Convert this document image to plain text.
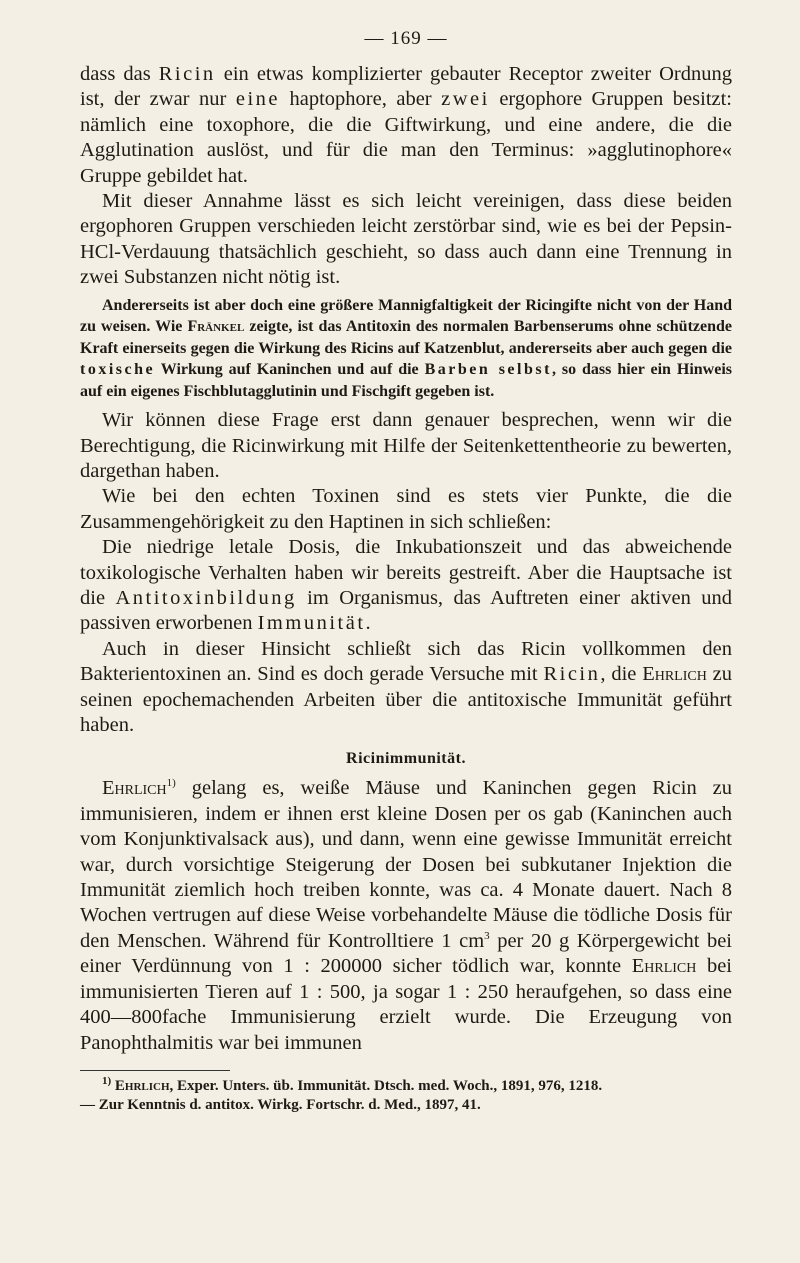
— 169 —

dass das Ricin ein etwas komplizierter gebauter Receptor zweiter Ordnung ist, der zwar nur eine haptophore, aber zwei ergophore Gruppen besitzt: nämlich eine toxophore, die die Giftwirkung, und eine andere, die die Agglutination auslöst, und für die man den Terminus: »agglutinophore« Gruppe gebildet hat.

Mit dieser Annahme lässt es sich leicht vereinigen, dass diese beiden ergophoren Gruppen verschieden leicht zerstörbar sind, wie es bei der Pepsin-HCl-Verdauung thatsächlich geschieht, so dass auch dann eine Trennung in zwei Substanzen nicht nötig ist.

Andererseits ist aber doch eine größere Mannigfaltigkeit der Ricingifte nicht von der Hand zu weisen. Wie Fränkel zeigte, ist das Antitoxin des normalen Barbenserums ohne schützende Kraft einerseits gegen die Wirkung des Ricins auf Katzenblut, andererseits aber auch gegen die toxische Wirkung auf Kaninchen und auf die Barben selbst, so dass hier ein Hinweis auf ein eigenes Fischblutagglutinin und Fischgift gegeben ist.

Wir können diese Frage erst dann genauer besprechen, wenn wir die Berechtigung, die Ricinwirkung mit Hilfe der Seitenkettentheorie zu bewerten, dargethan haben.

Wie bei den echten Toxinen sind es stets vier Punkte, die die Zusammengehörigkeit zu den Haptinen in sich schließen:

Die niedrige letale Dosis, die Inkubationszeit und das abweichende toxikologische Verhalten haben wir bereits gestreift. Aber die Hauptsache ist die Antitoxinbildung im Organismus, das Auftreten einer aktiven und passiven erworbenen Immunität.

Auch in dieser Hinsicht schließt sich das Ricin vollkommen den Bakterientoxinen an. Sind es doch gerade Versuche mit Ricin, die Ehrlich zu seinen epochemachenden Arbeiten über die antitoxische Immunität geführt haben.

Ricinimmunität.

Ehrlich$^{1)}$ gelang es, weiße Mäuse und Kaninchen gegen Ricin zu immunisieren, indem er ihnen erst kleine Dosen per os gab (Kaninchen auch vom Konjunktivalsack aus), und dann, wenn eine gewisse Immunität erreicht war, durch vorsichtige Steigerung der Dosen bei subkutaner Injektion die Immunität ziemlich hoch treiben konnte, was ca. 4 Monate dauert. Nach 8 Wochen vertrugen auf diese Weise vorbehandelte Mäuse die tödliche Dosis für den Menschen. Während für Kontrolltiere 1 $cm^3$ per 20 g Körpergewicht bei einer Verdünnung von 1 : 200000 sicher tödlich war, konnte Ehrlich bei immunisierten Tieren auf 1 : 500, ja sogar 1 : 250 heraufgehen, so dass eine 400—800fache Immunisierung erzielt wurde. Die Erzeugung von Panophthalmitis war bei immunen

$^{1)}$ Ehrlich, Exper. Unters. üb. Immunität. Dtsch. med. Woch., 1891, 976, 1218.

— Zur Kenntnis d. antitox. Wirkg. Fortschr. d. Med., 1897, 41.
